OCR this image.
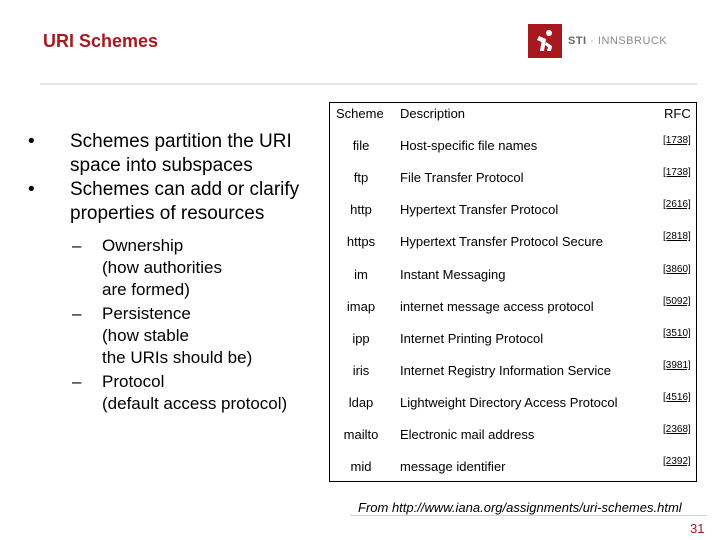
URI Schemes	STI · INNSBRUCK
• Schemes partition the URI space into subspaces
• Schemes can add or clarify properties of resources
– Ownership
(how authorities
are formed)
– Persistence
(how stable
the URIs should be)
– Protocol
(default access protocol)
Scheme Description	RFC
file	Host-specific file names	[1738]
ftp	File Transfer Protocol	[1738]
http	Hypertext Transfer Protocol	[2616]
https	Hypertext Transfer Protocol Secure	[2818]
im	Instant Messaging	[3860]
imap	internet message access protocol	[5092]
ipp	Internet Printing Protocol	[3510]
iris	Internet Registry Information Service	[3981]
ldap	Lightweight Directory Access Protocol	[4516]
mailto	Electronic mail address	[2368]
mid	message identifier	[2392]
From http://www.iana.org/assignments/uri-schemes.html
31
